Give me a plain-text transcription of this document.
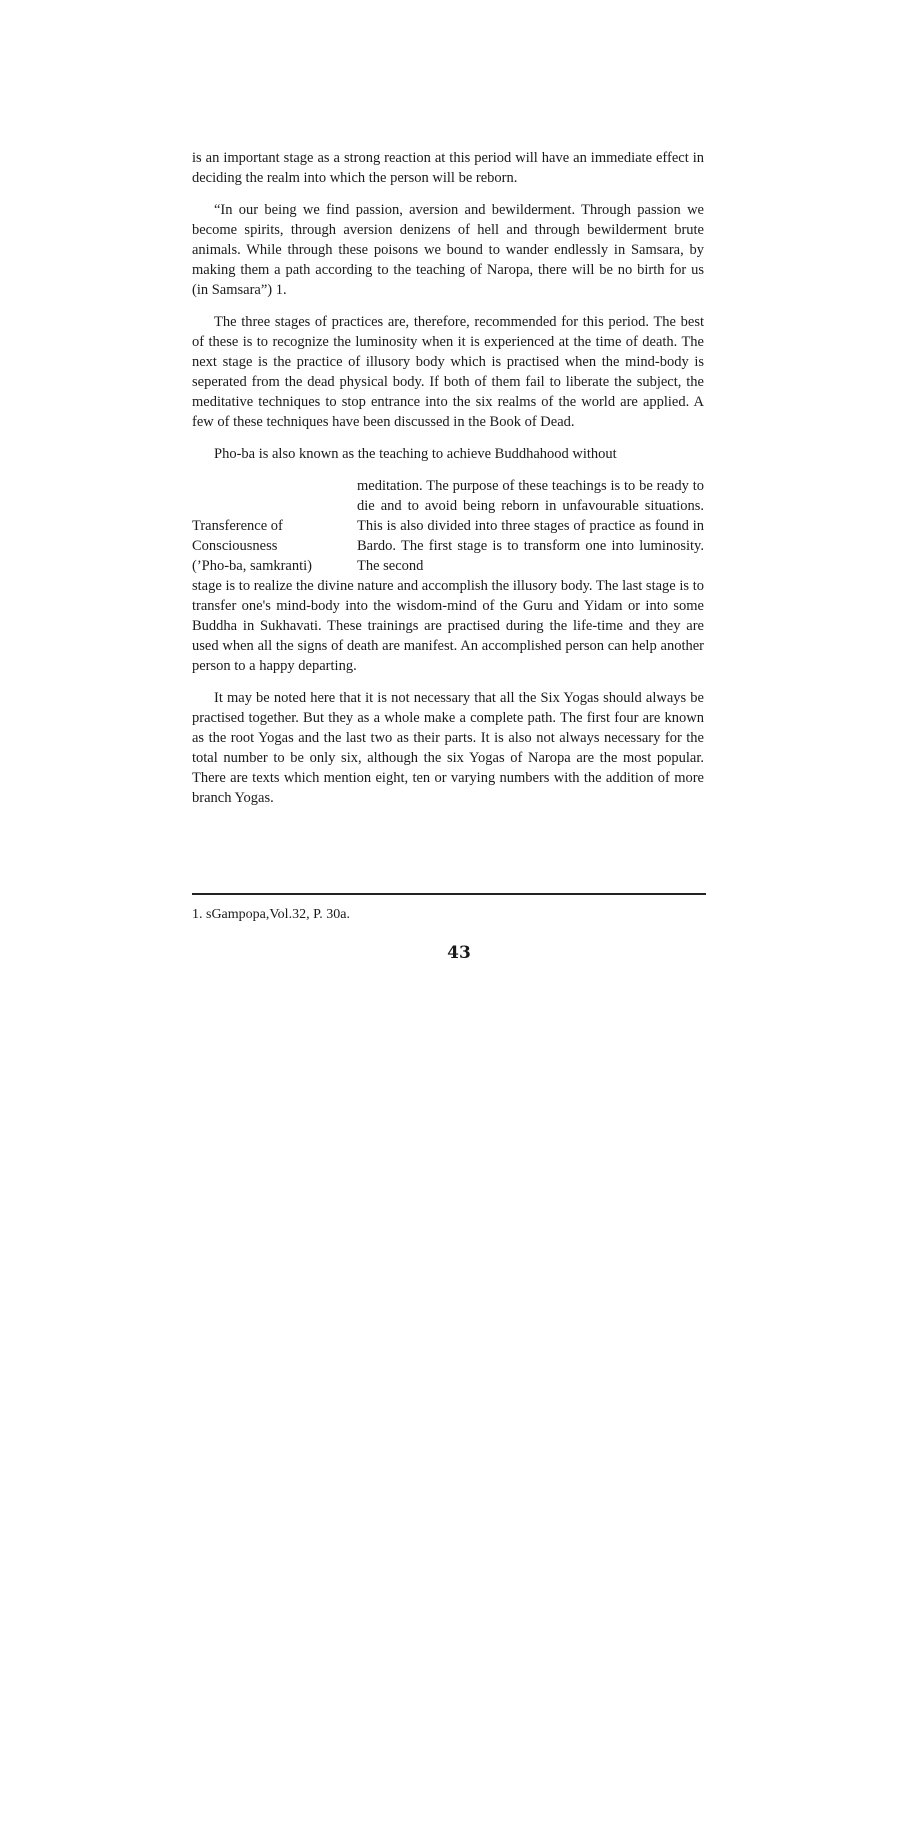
is an important stage as a strong reaction at this period will have an immediate effect in deciding the realm into which the person will be reborn.

“In our being we find passion, aversion and bewilderment. Through passion we become spirits, through aversion denizens of hell and through bewilderment brute animals. While through these poisons we bound to wander endlessly in Samsara, by making them a path according to the teaching of Naropa, there will be no birth for us (in Samsara”) 1.

The three stages of practices are, therefore, recommended for this period. The best of these is to recognize the luminosity when it is experienced at the time of death. The next stage is the practice of illusory body which is practised when the mind-body is seperated from the dead physical body. If both of them fail to liberate the subject, the meditative techniques to stop entrance into the six realms of the world are applied. A few of these techniques have been discussed in the Book of Dead.

Pho-ba is also known as the teaching to achieve Buddhahood without

Transference of
Consciousness
(’Pho-ba, samkranti)
meditation. The purpose of these teachings is to be ready to die and to avoid being reborn in unfavourable situations. This is also divided into three stages of practice as found in Bardo. The first stage is to transform one into luminosity. The second

stage is to realize the divine nature and accomplish the illusory body. The last stage is to transfer one's mind-body into the wisdom-mind of the Guru and Yidam or into some Buddha in Sukhavati. These trainings are practised during the life-time and they are used when all the signs of death are manifest. An accomplished person can help another person to a happy departing.

It may be noted here that it is not necessary that all the Six Yogas should always be practised together. But they as a whole make a complete path. The first four are known as the root Yogas and the last two as their parts. It is also not always necessary for the total number to be only six, although the six Yogas of Naropa are the most popular. There are texts which mention eight, ten or varying numbers with the addition of more branch Yogas.

1. sGampopa,Vol.32, P. 30a.
43
